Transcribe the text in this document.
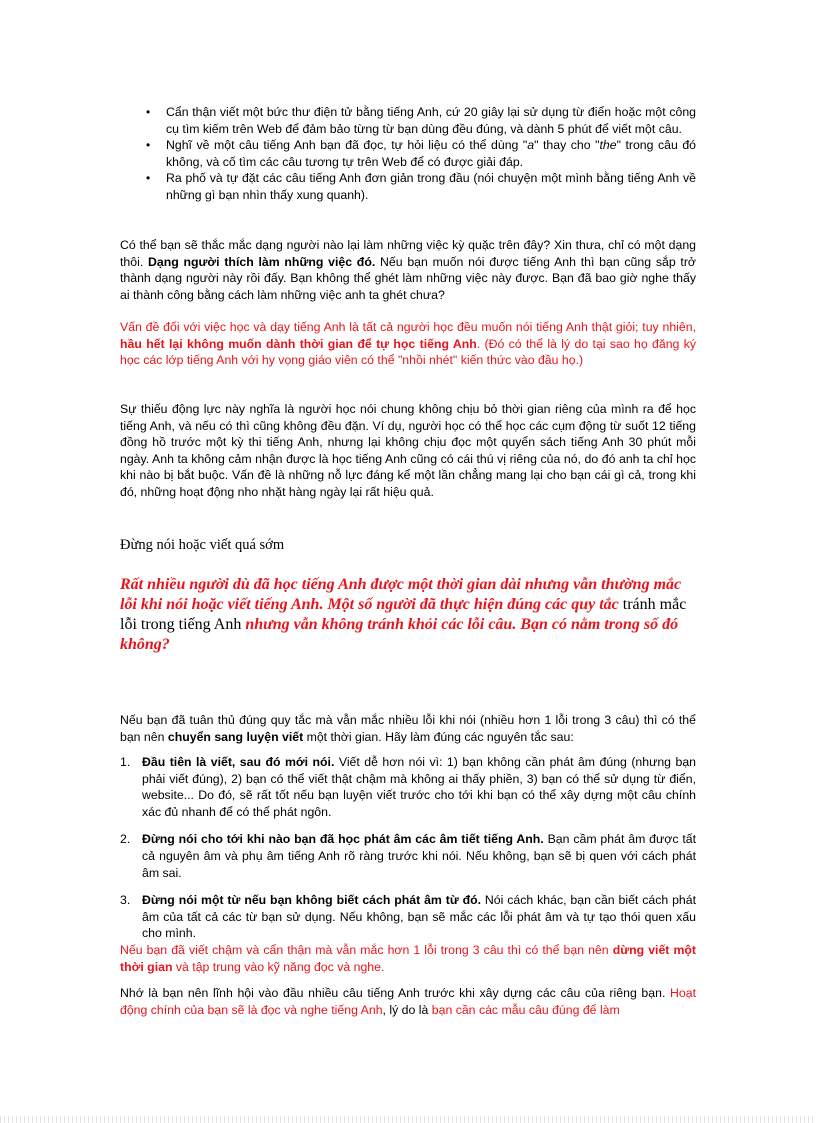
• Cẩn thận viết một bức thư điện tử bằng tiếng Anh, cứ 20 giây lại sử dụng từ điển hoặc một công cụ tìm kiếm trên Web để đảm bảo từng từ bạn dùng đều đúng, và dành 5 phút để viết một câu.
• Nghĩ về một câu tiếng Anh bạn đã đọc, tự hỏi liệu có thể dùng "a" thay cho "the" trong câu đó không, và cố tìm các câu tương tự trên Web để có được giải đáp.
• Ra phố và tự đặt các câu tiếng Anh đơn giản trong đầu (nói chuyện một mình bằng tiếng Anh về những gì bạn nhìn thấy xung quanh).

Có thể bạn sẽ thắc mắc dạng người nào lại làm những việc kỳ quặc trên đây? Xin thưa, chỉ có một dạng thôi. Dạng người thích làm những việc đó. Nếu bạn muốn nói được tiếng Anh thì bạn cũng sắp trở thành dạng người này rồi đấy. Bạn không thể ghét làm những việc này được. Bạn đã bao giờ nghe thấy ai thành công bằng cách làm những việc anh ta ghét chưa?

Vấn đề đối với việc học và dạy tiếng Anh là tất cả người học đều muốn nói tiếng Anh thật giỏi; tuy nhiên, hầu hết lại không muốn dành thời gian để tự học tiếng Anh. (Đó có thể là lý do tại sao họ đăng ký học các lớp tiếng Anh với hy vọng giáo viên có thể "nhồi nhét" kiến thức vào đầu họ.)

Sự thiếu động lực này nghĩa là người học nói chung không chịu bỏ thời gian riêng của mình ra để học tiếng Anh, và nếu có thì cũng không đều đặn. Ví dụ, người học có thể học các cụm động từ suốt 12 tiếng đồng hồ trước một kỳ thi tiếng Anh, nhưng lại không chịu đọc một quyển sách tiếng Anh 30 phút mỗi ngày. Anh ta không cảm nhận được là học tiếng Anh cũng có cái thú vị riêng của nó, do đó anh ta chỉ học khi nào bị bắt buộc. Vấn đề là những nỗ lực đáng kể một lần chẳng mang lại cho bạn cái gì cả, trong khi đó, những hoạt động nho nhặt hàng ngày lại rất hiệu quả.

Đừng nói hoặc viết quá sớm

Rất nhiều người dù đã học tiếng Anh được một thời gian dài nhưng vẫn thường mắc lỗi khi nói hoặc viết tiếng Anh. Một số người đã thực hiện đúng các quy tắc tránh mắc lỗi trong tiếng Anh nhưng vẫn không tránh khỏi các lỗi câu. Bạn có nằm trong số đó không?

Nếu bạn đã tuân thủ đúng quy tắc mà vẫn mắc nhiều lỗi khi nói (nhiều hơn 1 lỗi trong 3 câu) thì có thể bạn nên chuyển sang luyện viết một thời gian. Hãy làm đúng các nguyên tắc sau:

1. Đầu tiên là viết, sau đó mới nói. Viết dễ hơn nói vì: 1) bạn không cần phát âm đúng (nhưng bạn phải viết đúng), 2) bạn có thể viết thật chậm mà không ai thấy phiền, 3) bạn có thể sử dụng từ điển, website... Do đó, sẽ rất tốt nếu bạn luyện viết trước cho tới khi bạn có thể xây dựng một câu chính xác đủ nhanh để có thể phát ngôn.
2. Đừng nói cho tới khi nào bạn đã học phát âm các âm tiết tiếng Anh. Bạn cầm phát âm được tất cả nguyên âm và phụ âm tiếng Anh rõ ràng trước khi nói. Nếu không, bạn sẽ bị quen với cách phát âm sai.
3. Đừng nói một từ nếu bạn không biết cách phát âm từ đó. Nói cách khác, bạn cần biết cách phát âm của tất cả các từ bạn sử dụng. Nếu không, bạn sẽ mắc các lỗi phát âm và tự tạo thói quen xấu cho mình.

Nếu bạn đã viết chậm và cẩn thận mà vẫn mắc hơn 1 lỗi trong 3 câu thì có thể bạn nên dừng viết một thời gian và tập trung vào kỹ năng đọc và nghe.

Nhớ là bạn nên lĩnh hội vào đầu nhiều câu tiếng Anh trước khi xây dựng các câu của riêng bạn. Hoạt động chính của bạn sẽ là đọc và nghe tiếng Anh, lý do là bạn cần các mẫu câu đúng để làm
